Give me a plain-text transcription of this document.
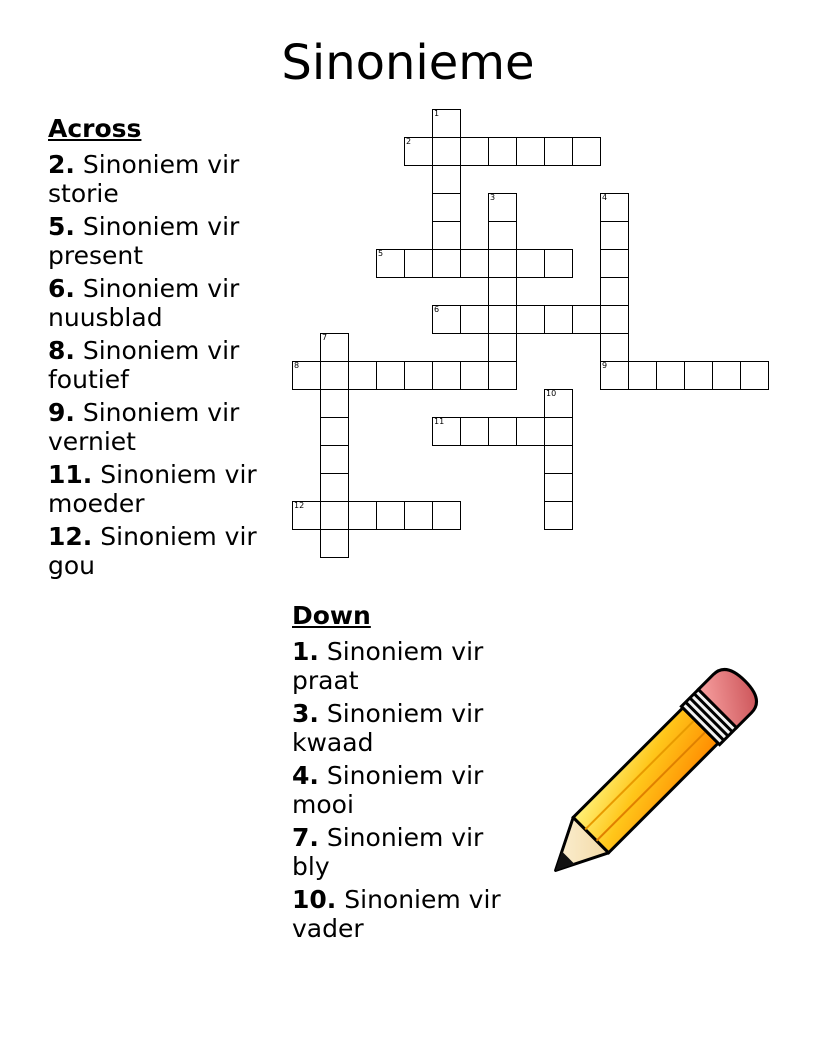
Sinonieme
Across
2. Sinoniem vir storie
5. Sinoniem vir present
6. Sinoniem vir nuusblad
8. Sinoniem vir foutief
9. Sinoniem vir verniet
11. Sinoniem vir moeder
12. Sinoniem vir gou
Down
1. Sinoniem vir praat
3. Sinoniem vir kwaad
4. Sinoniem vir mooi
7. Sinoniem vir bly
10. Sinoniem vir vader
1
2
3	4
9
5
6
7
8
10
11
12
